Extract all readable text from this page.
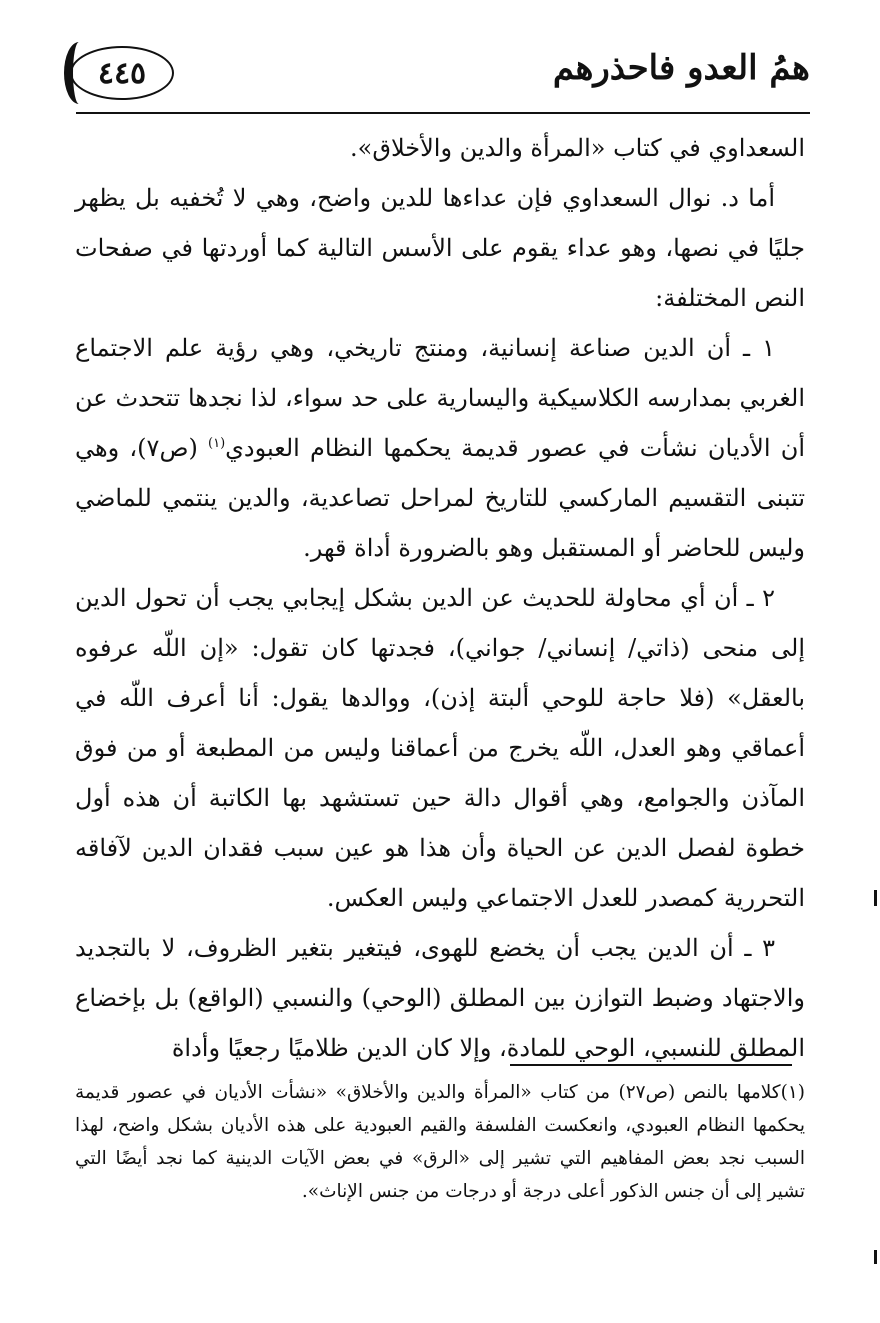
٤٤٥	همُ العدو فاحذرهم

السعداوي في كتاب «المرأة والدين والأخلاق».

أما د. نوال السعداوي فإن عداءها للدين واضح، وهي لا تُخفيه بل يظهر جليًا في نصها، وهو عداء يقوم على الأسس التالية كما أوردتها في صفحات النص المختلفة:

١ ـ أن الدين صناعة إنسانية، ومنتج تاريخي، وهي رؤية علم الاجتماع الغربي بمدارسه الكلاسيكية واليسارية على حد سواء، لذا نجدها تتحدث عن أن الأديان نشأت في عصور قديمة يحكمها النظام العبودي$^{(١)}$ (ص٧)، وهي تتبنى التقسيم الماركسي للتاريخ لمراحل تصاعدية، والدين ينتمي للماضي وليس للحاضر أو المستقبل وهو بالضرورة أداة قهر.

٢ ـ أن أي محاولة للحديث عن الدين بشكل إيجابي يجب أن تحول الدين إلى منحى (ذاتي/ إنساني/ جواني)، فجدتها كان تقول: «إن اللّه عرفوه بالعقل» (فلا حاجة للوحي ألبتة إذن)، ووالدها يقول: أنا أعرف اللّه في أعماقي وهو العدل، اللّه يخرج من أعماقنا وليس من المطبعة أو من فوق المآذن والجوامع، وهي أقوال دالة حين تستشهد بها الكاتبة أن هذه أول خطوة لفصل الدين عن الحياة وأن هذا هو عين سبب فقدان الدين لآفاقه التحررية كمصدر للعدل الاجتماعي وليس العكس.

٣ ـ أن الدين يجب أن يخضع للهوى، فيتغير بتغير الظروف، لا بالتجديد والاجتهاد وضبط التوازن بين المطلق (الوحي) والنسبي (الواقع) بل بإخضاع المطلق للنسبي، الوحي للمادة، وإلا كان الدين ظلاميًا رجعيًا وأداة

(١)كلامها بالنص (ص٢٧) من كتاب «المرأة والدين والأخلاق» «نشأت الأديان في عصور قديمة يحكمها النظام العبودي، وانعكست الفلسفة والقيم العبودية على هذه الأديان بشكل واضح، لهذا السبب نجد بعض المفاهيم التي تشير إلى «الرق» في بعض الآيات الدينية كما نجد أيضًا التي تشير إلى أن جنس الذكور أعلى درجة أو درجات من جنس الإناث».
